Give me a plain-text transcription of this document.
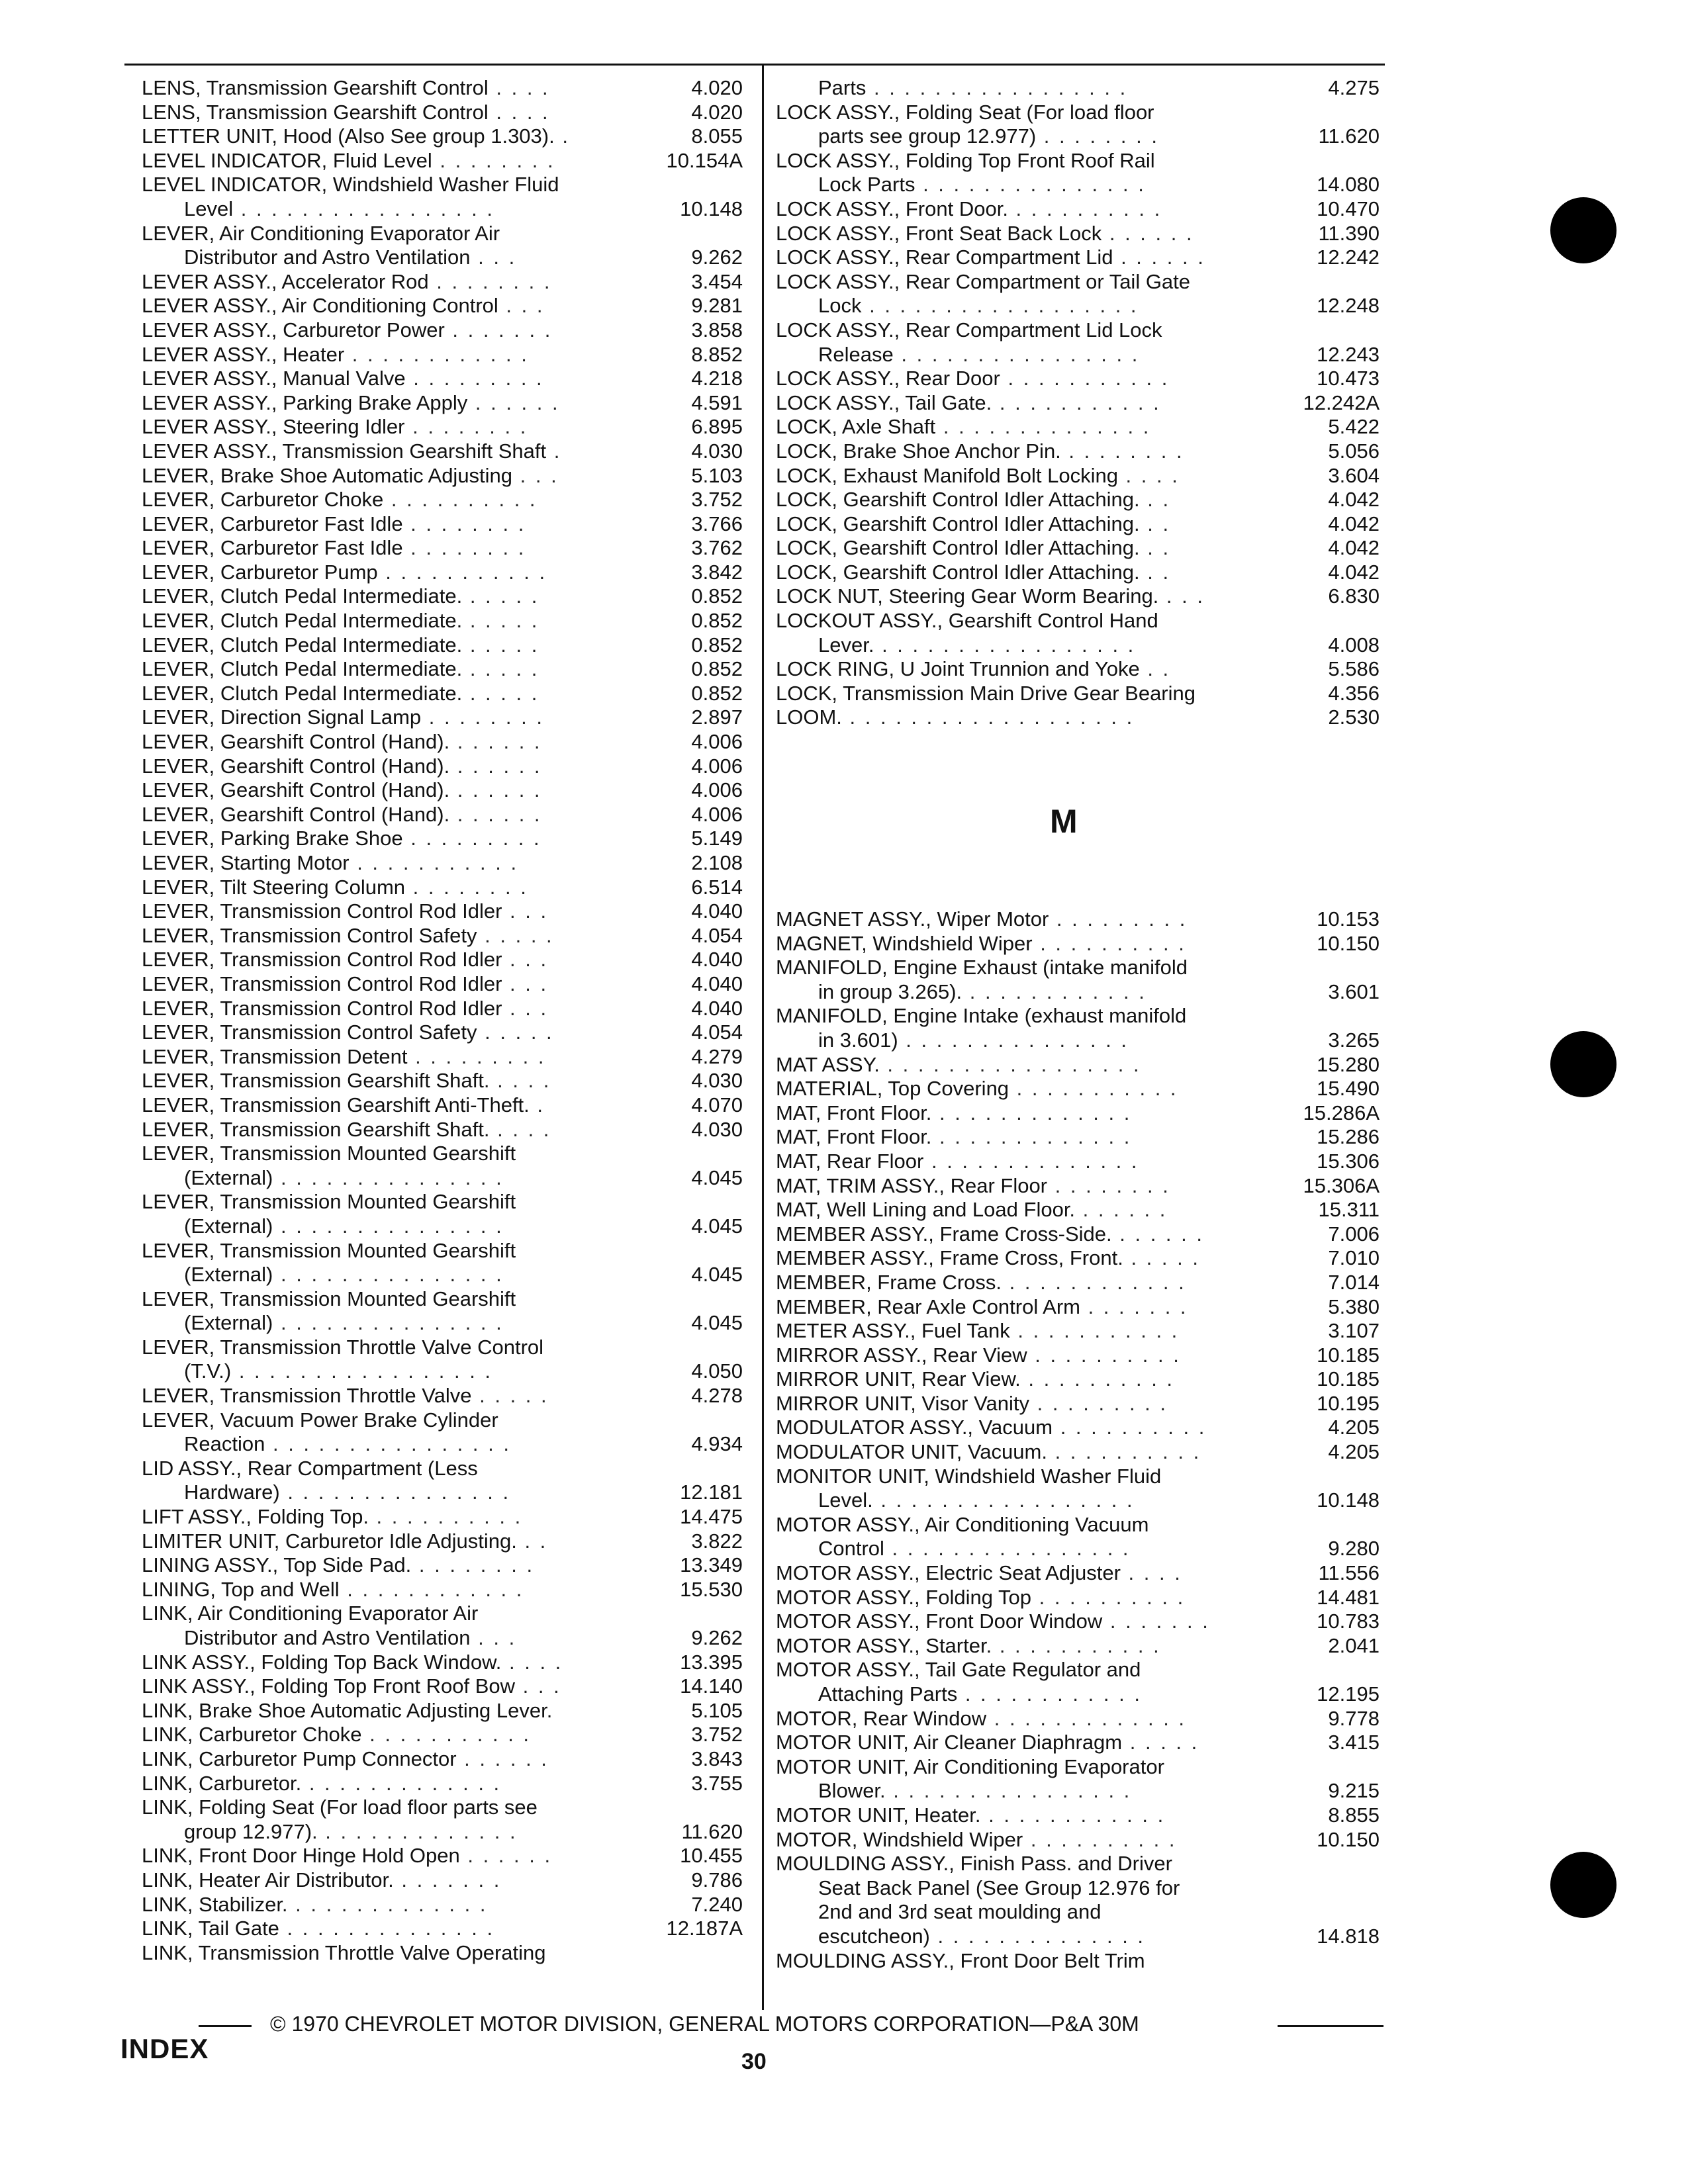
LENS, Transmission Gearshift Control . . . .	4.020
LENS, Transmission Gearshift Control . . . .	4.020
LETTER UNIT, Hood (Also See group 1.303). .	8.055
LEVEL INDICATOR, Fluid Level . . . . . . . .	10.154A
LEVEL INDICATOR, Windshield Washer Fluid
Level . . . . . . . . . . . . . . . . .	10.148
LEVER, Air Conditioning Evaporator Air
Distributor and Astro Ventilation . . .	9.262
LEVER ASSY., Accelerator Rod . . . . . . . .	3.454
LEVER ASSY., Air Conditioning Control . . .	9.281
LEVER ASSY., Carburetor Power . . . . . . .	3.858
LEVER ASSY., Heater . . . . . . . . . . . .	8.852
LEVER ASSY., Manual Valve . . . . . . . . .	4.218
LEVER ASSY., Parking Brake Apply . . . . . .	4.591
LEVER ASSY., Steering Idler . . . . . . . .	6.895
LEVER ASSY., Transmission Gearshift Shaft .	4.030
LEVER, Brake Shoe Automatic Adjusting . . .	5.103
LEVER, Carburetor Choke . . . . . . . . . .	3.752
LEVER, Carburetor Fast Idle . . . . . . . .	3.766
LEVER, Carburetor Fast Idle . . . . . . . .	3.762
LEVER, Carburetor Pump . . . . . . . . . . .	3.842
LEVER, Clutch Pedal Intermediate. . . . . .	0.852
LEVER, Clutch Pedal Intermediate. . . . . .	0.852
LEVER, Clutch Pedal Intermediate. . . . . .	0.852
LEVER, Clutch Pedal Intermediate. . . . . .	0.852
LEVER, Clutch Pedal Intermediate. . . . . .	0.852
LEVER, Direction Signal Lamp . . . . . . . .	2.897
LEVER, Gearshift Control (Hand). . . . . . .	4.006
LEVER, Gearshift Control (Hand). . . . . . .	4.006
LEVER, Gearshift Control (Hand). . . . . . .	4.006
LEVER, Gearshift Control (Hand). . . . . . .	4.006
LEVER, Parking Brake Shoe . . . . . . . . .	5.149
LEVER, Starting Motor . . . . . . . . . . .	2.108
LEVER, Tilt Steering Column . . . . . . . .	6.514
LEVER, Transmission Control Rod Idler . . .	4.040
LEVER, Transmission Control Safety . . . . .	4.054
LEVER, Transmission Control Rod Idler . . .	4.040
LEVER, Transmission Control Rod Idler . . .	4.040
LEVER, Transmission Control Rod Idler . . .	4.040
LEVER, Transmission Control Safety . . . . .	4.054
LEVER, Transmission Detent . . . . . . . . .	4.279
LEVER, Transmission Gearshift Shaft. . . . .	4.030
LEVER, Transmission Gearshift Anti-Theft. .	4.070
LEVER, Transmission Gearshift Shaft. . . . .	4.030
LEVER, Transmission Mounted Gearshift
(External) . . . . . . . . . . . . . . .	4.045
LEVER, Transmission Mounted Gearshift
(External) . . . . . . . . . . . . . . .	4.045
LEVER, Transmission Mounted Gearshift
(External) . . . . . . . . . . . . . . .	4.045
LEVER, Transmission Mounted Gearshift
(External) . . . . . . . . . . . . . . .	4.045
LEVER, Transmission Throttle Valve Control
(T.V.) . . . . . . . . . . . . . . . . .	4.050
LEVER, Transmission Throttle Valve . . . . .	4.278
LEVER, Vacuum Power Brake Cylinder
Reaction . . . . . . . . . . . . . . . .	4.934
LID ASSY., Rear Compartment (Less
Hardware) . . . . . . . . . . . . . . .	12.181
LIFT ASSY., Folding Top. . . . . . . . . . .	14.475
LIMITER UNIT, Carburetor Idle Adjusting. . .	3.822
LINING ASSY., Top Side Pad. . . . . . . . .	13.349
LINING, Top and Well . . . . . . . . . . . .	15.530
LINK, Air Conditioning Evaporator Air
Distributor and Astro Ventilation . . .	9.262
LINK ASSY., Folding Top Back Window. . . . .	13.395
LINK ASSY., Folding Top Front Roof Bow . . .	14.140
LINK, Brake Shoe Automatic Adjusting Lever.	5.105
LINK, Carburetor Choke . . . . . . . . . . .	3.752
LINK, Carburetor Pump Connector . . . . . .	3.843
LINK, Carburetor. . . . . . . . . . . . . .	3.755
LINK, Folding Seat (For load floor parts see
group 12.977). . . . . . . . . . . . . .	11.620
LINK, Front Door Hinge Hold Open . . . . . .	10.455
LINK, Heater Air Distributor. . . . . . . .	9.786
LINK, Stabilizer. . . . . . . . . . . . . .	7.240
LINK, Tail Gate . . . . . . . . . . . . . .	12.187A
LINK, Transmission Throttle Valve Operating
Parts . . . . . . . . . . . . . . . . .	4.275
LOCK ASSY., Folding Seat (For load floor
parts see group 12.977) . . . . . . . .	11.620
LOCK ASSY., Folding Top Front Roof Rail
Lock Parts . . . . . . . . . . . . . . .	14.080
LOCK ASSY., Front Door. . . . . . . . . . .	10.470
LOCK ASSY., Front Seat Back Lock . . . . . .	11.390
LOCK ASSY., Rear Compartment Lid . . . . . .	12.242
LOCK ASSY., Rear Compartment or Tail Gate
Lock . . . . . . . . . . . . . . . . . .	12.248
LOCK ASSY., Rear Compartment Lid Lock
Release . . . . . . . . . . . . . . . .	12.243
LOCK ASSY., Rear Door . . . . . . . . . . .	10.473
LOCK ASSY., Tail Gate. . . . . . . . . . . .	12.242A
LOCK, Axle Shaft . . . . . . . . . . . . . .	5.422
LOCK, Brake Shoe Anchor Pin. . . . . . . . .	5.056
LOCK, Exhaust Manifold Bolt Locking . . . .	3.604
LOCK, Gearshift Control Idler Attaching. . .	4.042
LOCK, Gearshift Control Idler Attaching. . .	4.042
LOCK, Gearshift Control Idler Attaching. . .	4.042
LOCK, Gearshift Control Idler Attaching. . .	4.042
LOCK NUT, Steering Gear Worm Bearing. . . .	6.830
LOCKOUT ASSY., Gearshift Control Hand
Lever. . . . . . . . . . . . . . . . . .	4.008
LOCK RING, U Joint Trunnion and Yoke . .	5.586
LOCK, Transmission Main Drive Gear Bearing	4.356
LOOM. . . . . . . . . . . . . . . . . . . .	2.530
M
MAGNET ASSY., Wiper Motor . . . . . . . . .	10.153
MAGNET, Windshield Wiper . . . . . . . . . .	10.150
MANIFOLD, Engine Exhaust (intake manifold
in group 3.265). . . . . . . . . . . . .	3.601
MANIFOLD, Engine Intake (exhaust manifold
in 3.601) . . . . . . . . . . . . . . .	3.265
MAT ASSY. . . . . . . . . . . . . . . . . .	15.280
MATERIAL, Top Covering . . . . . . . . . . .	15.490
MAT, Front Floor. . . . . . . . . . . . . .	15.286A
MAT, Front Floor. . . . . . . . . . . . . .	15.286
MAT, Rear Floor . . . . . . . . . . . . . .	15.306
MAT, TRIM ASSY., Rear Floor . . . . . . . .	15.306A
MAT, Well Lining and Load Floor. . . . . . .	15.311
MEMBER ASSY., Frame Cross-Side. . . . . . .	7.006
MEMBER ASSY., Frame Cross, Front. . . . . .	7.010
MEMBER, Frame Cross. . . . . . . . . . . . .	7.014
MEMBER, Rear Axle Control Arm . . . . . . .	5.380
METER ASSY., Fuel Tank . . . . . . . . . . .	3.107
MIRROR ASSY., Rear View . . . . . . . . . .	10.185
MIRROR UNIT, Rear View. . . . . . . . . . .	10.185
MIRROR UNIT, Visor Vanity . . . . . . . . .	10.195
MODULATOR ASSY., Vacuum . . . . . . . . . .	4.205
MODULATOR UNIT, Vacuum. . . . . . . . . . .	4.205
MONITOR UNIT, Windshield Washer Fluid
Level. . . . . . . . . . . . . . . . . .	10.148
MOTOR ASSY., Air Conditioning Vacuum
Control . . . . . . . . . . . . . . . .	9.280
MOTOR ASSY., Electric Seat Adjuster . . . .	11.556
MOTOR ASSY., Folding Top . . . . . . . . . .	14.481
MOTOR ASSY., Front Door Window . . . . . . .	10.783
MOTOR ASSY., Starter. . . . . . . . . . . .	2.041
MOTOR ASSY., Tail Gate Regulator and
Attaching Parts . . . . . . . . . . . .	12.195
MOTOR, Rear Window . . . . . . . . . . . . .	9.778
MOTOR UNIT, Air Cleaner Diaphragm . . . . .	3.415
MOTOR UNIT, Air Conditioning Evaporator
Blower. . . . . . . . . . . . . . . . .	9.215
MOTOR UNIT, Heater. . . . . . . . . . . . .	8.855
MOTOR, Windshield Wiper . . . . . . . . . .	10.150
MOULDING ASSY., Finish Pass. and Driver
Seat Back Panel (See Group 12.976 for
2nd and 3rd seat moulding and
escutcheon) . . . . . . . . . . . . . .	14.818
MOULDING ASSY., Front Door Belt Trim
© 1970 CHEVROLET MOTOR DIVISION, GENERAL MOTORS CORPORATION—P&A 30M
INDEX	30
